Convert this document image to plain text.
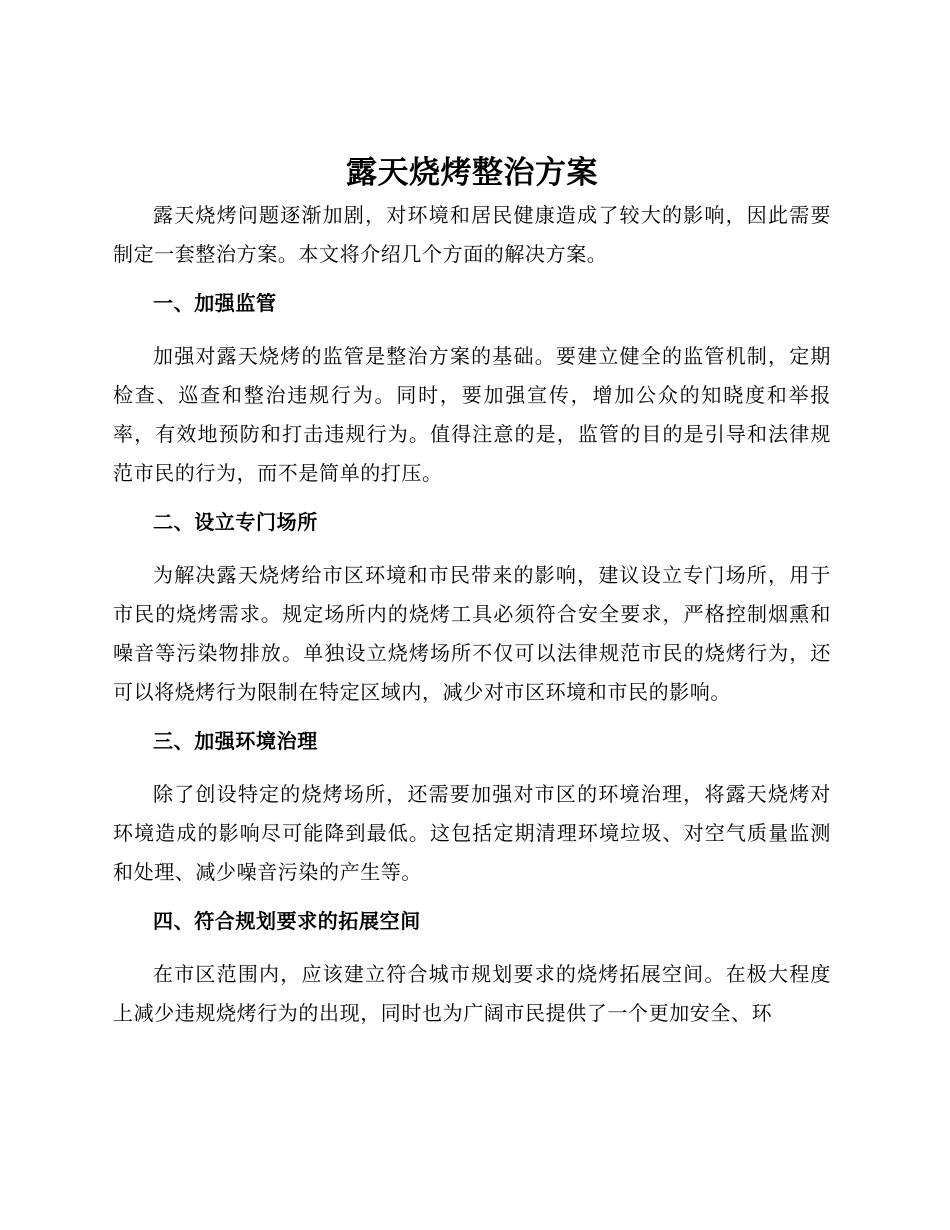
露天烧烤整治方案

露天烧烤问题逐渐加剧，对环境和居民健康造成了较大的影响，因此需要制定一套整治方案。本文将介绍几个方面的解决方案。

一、加强监管

加强对露天烧烤的监管是整治方案的基础。要建立健全的监管机制，定期检查、巡查和整治违规行为。同时，要加强宣传，增加公众的知晓度和举报率，有效地预防和打击违规行为。值得注意的是，监管的目的是引导和法律规范市民的行为，而不是简单的打压。

二、设立专门场所

为解决露天烧烤给市区环境和市民带来的影响，建议设立专门场所，用于市民的烧烤需求。规定场所内的烧烤工具必须符合安全要求，严格控制烟熏和噪音等污染物排放。单独设立烧烤场所不仅可以法律规范市民的烧烤行为，还可以将烧烤行为限制在特定区域内，减少对市区环境和市民的影响。

三、加强环境治理

除了创设特定的烧烤场所，还需要加强对市区的环境治理，将露天烧烤对环境造成的影响尽可能降到最低。这包括定期清理环境垃圾、对空气质量监测和处理、减少噪音污染的产生等。

四、符合规划要求的拓展空间

在市区范围内，应该建立符合城市规划要求的烧烤拓展空间。在极大程度上减少违规烧烤行为的出现，同时也为广阔市民提供了一个更加安全、环
